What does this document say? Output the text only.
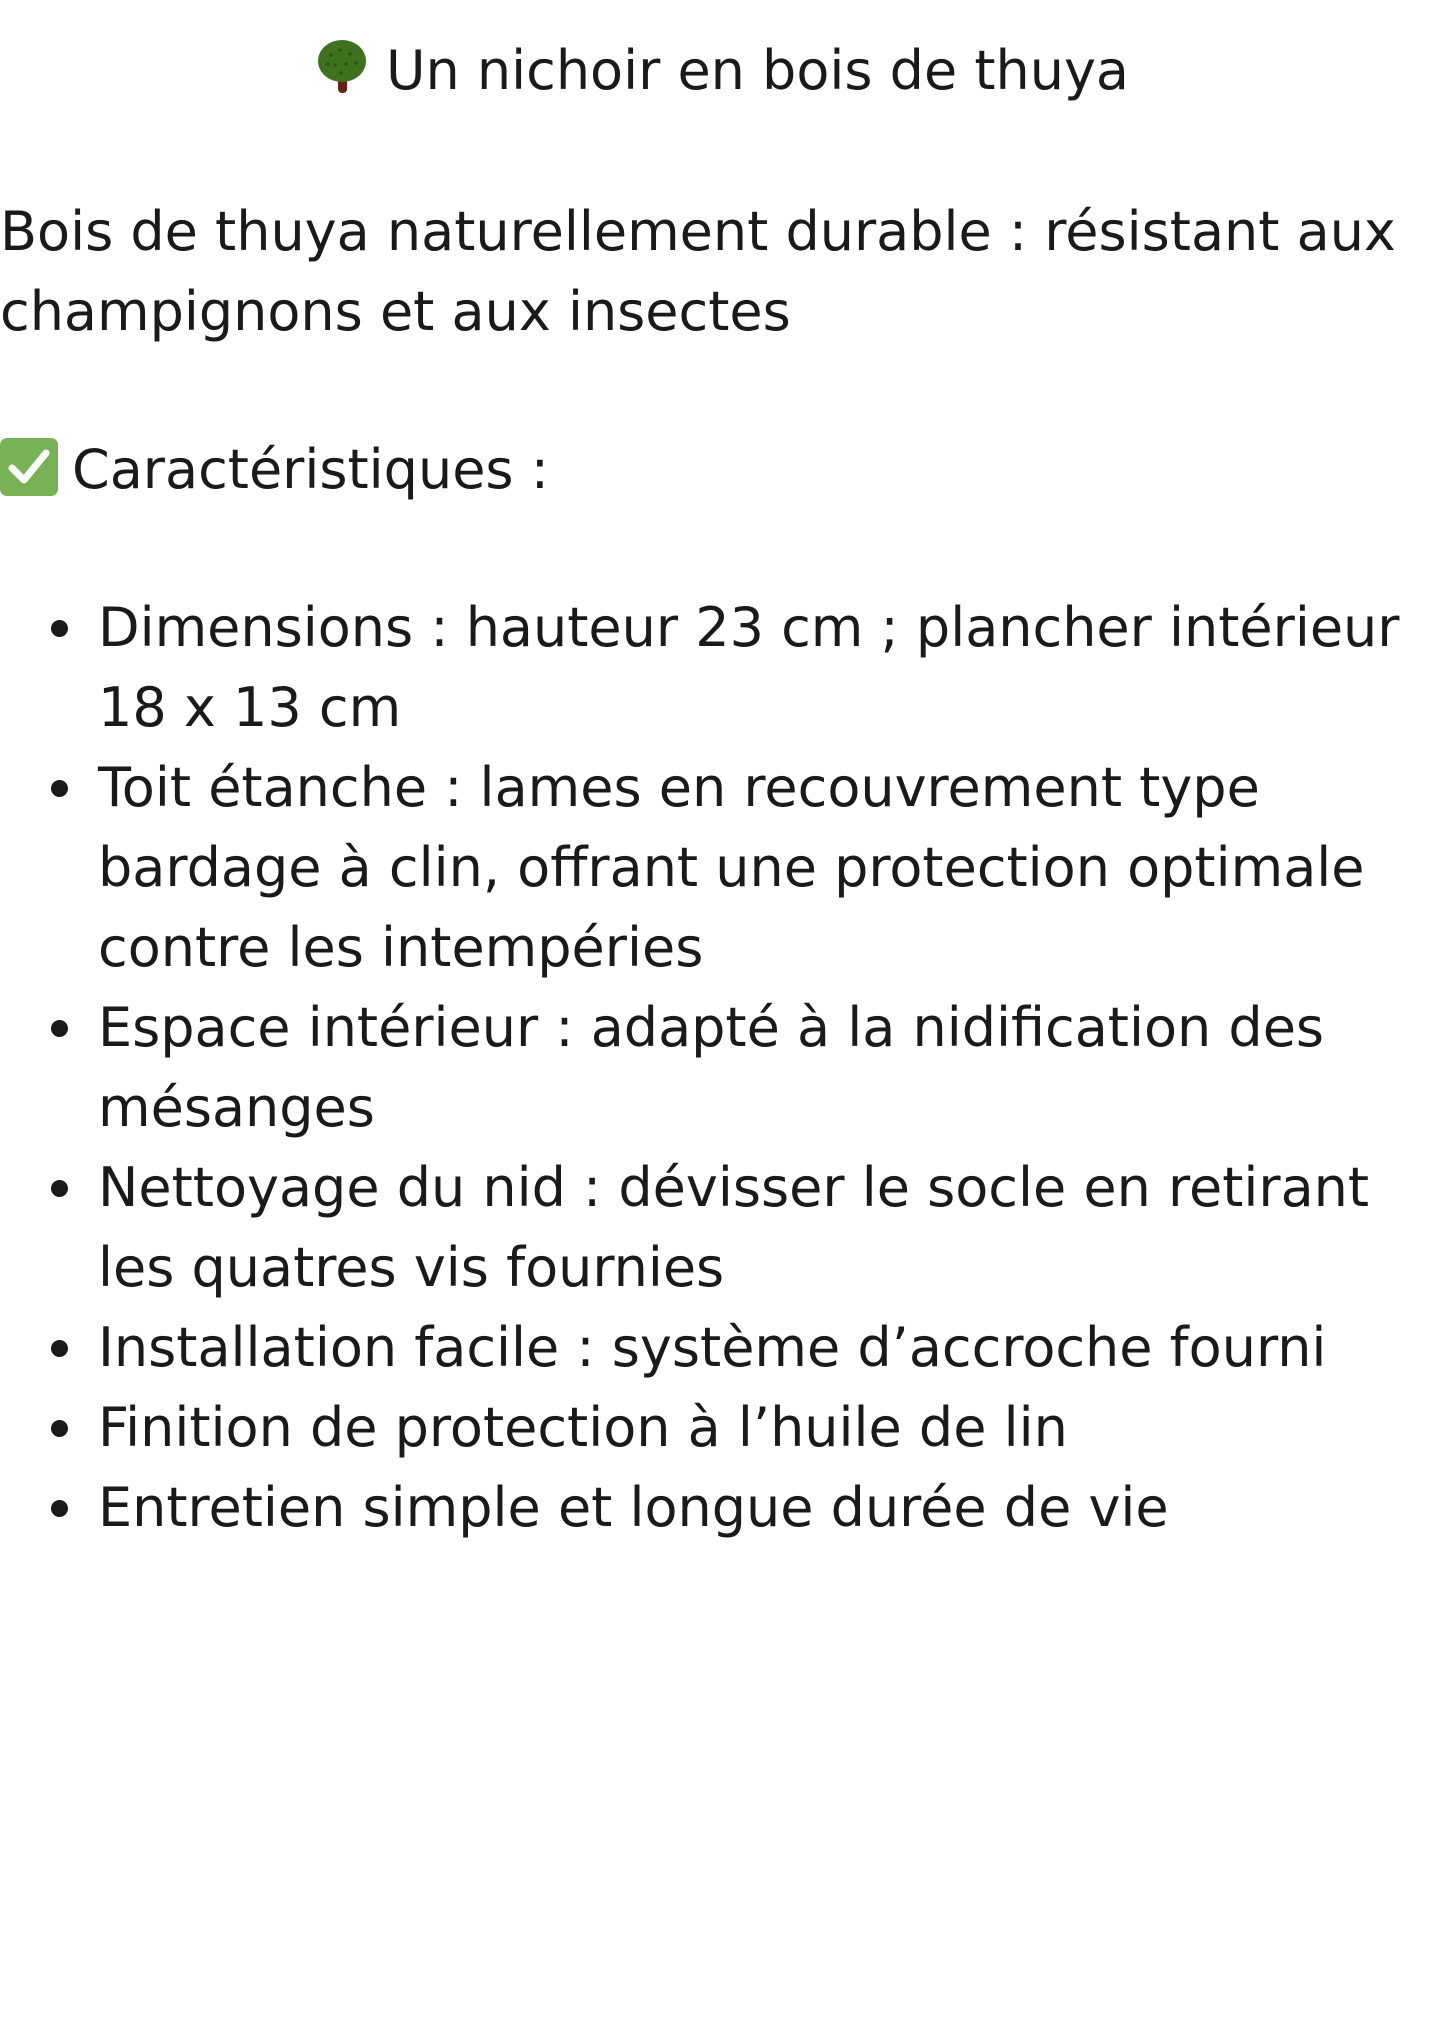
Un nichoir en bois de thuya

Bois de thuya naturellement durable : résistant aux champignons et aux insectes

Caractéristiques :

Dimensions : hauteur 23 cm ; plancher intérieur 18 x 13 cm
Toit étanche : lames en recouvrement type bardage à clin, offrant une protection optimale contre les intempéries
Espace intérieur : adapté à la nidification des mésanges
Nettoyage du nid : dévisser le socle en retirant les quatres vis fournies
Installation facile : système d’accroche fourni
Finition de protection à l’huile de lin
Entretien simple et longue durée de vie
